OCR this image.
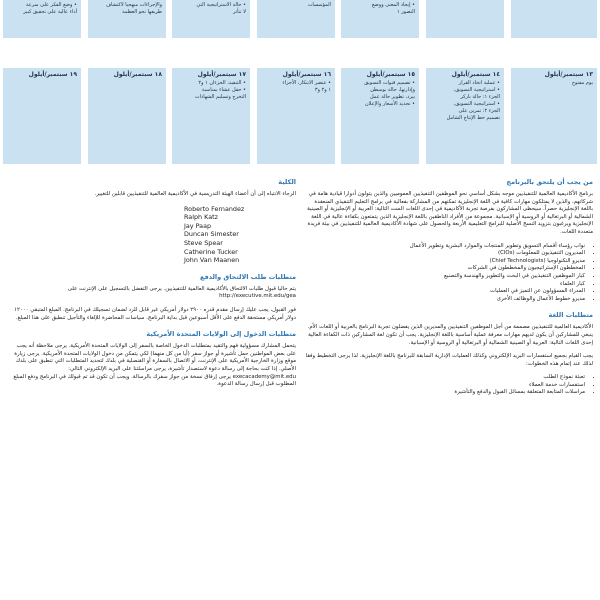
• وضع الفكر على سرعة

أداء عالية على تحقيق كبير

والإجراءات منهجيا لاكتشاف

طريقها نحو العظمة

• حالة الاستراتيجية التي

لا تتأثر

المؤسسات	• إيجاد المعنى ووضع

التصور ١

١٩ سبتمبر/أيلول	١٨ سبتمبر/أيلول	١٧ سبتمبر/أيلول

• التنفيذ، الجزءان ١ و٢

• حفل عشاء بمناسبة

التخرج وتسليم الشهادات

١٦ سبتمبر/أيلول

• عنصر الابتكار، الأجزاء

١ و٢ و٣

١٥ سبتمبر/أيلول

• تصميم قنوات التسويق

وإدارتها، حالة بوسطن

بيرد، تطوير حالة عمل

• تحديد الأسعار والإعلان

١٤ سبتمبر/أيلول

• عملية اتخاذ القرار

• استراتيجية التسويق،

الجزء ١: حالة باركر

• استراتيجية التسويق،

الجزء ٢: تمرين على

تصميم خط الإنتاج الشامل

١٣ سبتمبر/أيلول

يوم مفتوح

من يجب أن يلتحق بالبرنامج
برنامج الأكاديمية العالمية للتنفيذيين موجه بشكل أساسي نحو الموظفين التنفيذيين العموميين والذين يتولون أدوارا قيادية هامة في شركاتهم، والذين لا يمتلكون مهارات كافية في اللغة الإنجليزية تمكنهم من المشاركة بفعالية في برامج التعليم التنفيذي المنعقدة باللغة الإنجليزية حصراً. سيحظى المشاركون بفرصة تجربة الأكاديمية في إحدى اللغات الست التالية: العربية أو الإنجليزية أو الصينية الشمالية أو البرتغالية أو الروسية أو الإسبانية. مجموعة من الأفراد الناطقين باللغة الإنجليزية الذين يتمتعون بكفاءة عالية في اللغة الإنجليزية ويرغبون بتزويد النسخ الأصلية للبرامج التعليمية الأربعة والحصول على شهادة الأكاديمية العالمية للتنفيذيين في بيئة فريدة متعددة اللغات.
• نواب رؤساء أقسام التسويق وتطوير المنتجات والموارد البشرية وتطوير الأعمال
• المديرون التنفيذيون للمعلومات (CIOs)
• مديرو التكنولوجيا (Chief Technologists)
• المخططون الإستراتيجيون والمخططون في الشركات
• كبار الموظفين التنفيذيين في البحث والتطوير والهندسة والتصنيع
• كبار العلماء
• المدراء المسؤولون عن التميز في العمليات
• مديرو خطوط الأعمال والوظائف الأخرى
متطلبات اللغة
الأكاديمية العالمية للتنفيذيين مصممة من أجل الموظفين التنفيذيين والمديرين الذين يفضلون تجربة البرنامج بالعربية أو اللغات الأم. ينبغي للمشاركين أن يكون لديهم مهارات معرفة عملية أساسية باللغة الإنجليزية. يجب أن تكون لغة المشاركين ذات الكفاءة العالية إحدى اللغات التالية: العربية أو الصينية الشمالية أو البرتغالية أو الروسية أو الإسبانية.
يجب القيام بجميع استفسارات البريد الإلكتروني وكذلك العمليات الإدارية السابقة للبرنامج باللغة الإنجليزية. لذا يرجى التخطيط وفقا لذلك عند إتمام هذه الخطوات:
• تعبئة نموذج الطلب
• استفسارات خدمة العملاء
• مراسلات المتابعة المتعلقة بمسائل القبول والدفع والتأشيرة
الكلية
الرجاء الانتباه إلى أن أعضاء الهيئة التدريسية في الأكاديمية العالمية للتنفيذيين قابلين للتغيير.
Roberto Fernandez
Ralph Katz
Jay Paap
Duncan Simester
Steve Spear
Catherine Tucker
John Van Maanen
متطلبات طلب الالتحاق والدفع
يتم حاليا قبول طلبات الالتحاق بالأكاديمية العالمية للتنفيذيين. يرجى التفضل بالتسجيل على الإنترنت على http://executive.mit.edu/gea
فور القبول، يجب عليك إرسال مقدم قدره ٢٩٠٠ دولار أمريكي غير قابل للرد لضمان تسجيلك في البرنامج. المبلغ المتبقي ١٢٠٠٠ دولار أمريكي مستحقة الدفع على الأقل أسبوعين قبل بداية البرنامج. سياسات المحاضرة للإلغاء والتأجيل تنطبق على هذا المبلغ.
متطلبات الدخول إلى الولايات المتحدة الأمريكية
يتحمل المشارك مسؤولية فهم والتقيد بمتطلبات الدخول الخاصة بالسفر إلى الولايات المتحدة الأمريكية. يرجى ملاحظة أنه يجب على بعض المواطنين حمل تأشيرة أو جواز سفر (أيا من كل منهما) لكي يتمكن من دخول الولايات المتحدة الأمريكية. يرجى زيارة موقع وزارة الخارجية الأمريكية على الإنترنت، أو الاتصال بالسفارة أو القنصلية في بلدك لتحديد المتطلبات التي تنطبق على بلدك الأصلي. إذا كنت بحاجة إلى رسالة دعوة لاستصدار تأشيرة، يرجى مراسلتنا على البريد الإلكتروني التالي: execacademy@mit.edu يرجى إرفاق نسخة من جواز سفرك بالرسالة. ويجب أن تكون قد تم قبولك في البرنامج ودفع المبلغ المطلوب قبل إرسال رسالة الدعوة.
